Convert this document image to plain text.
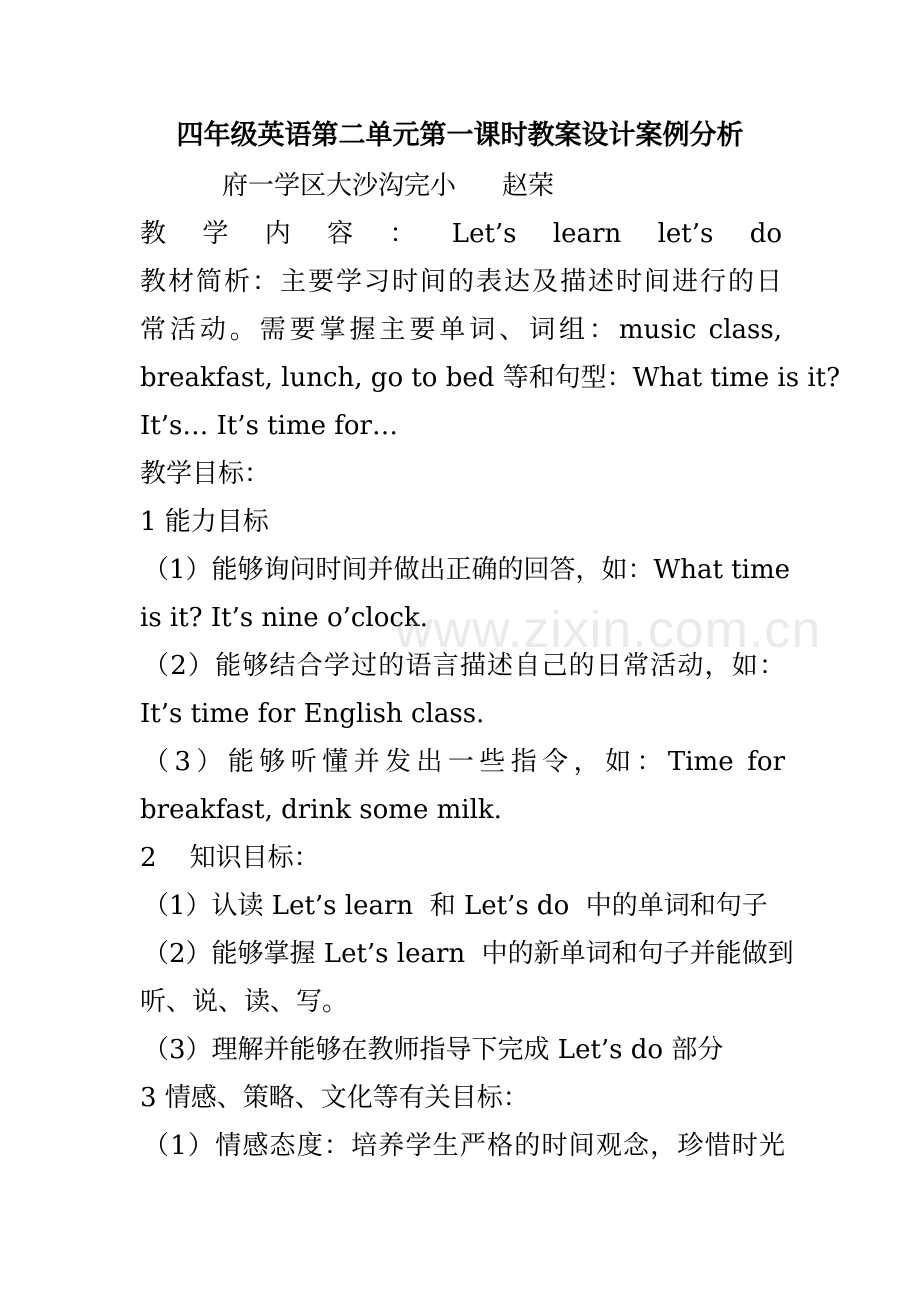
四年级英语第二单元第一课时教案设计案例分析
府一学区大沙沟完小 赵荣
教 学 内 容 ： Let’s learn let’s do
教材简析：主要学习时间的表达及描述时间进行的日
常活动。需要掌握主要单词、词组：music class,
breakfast, lunch, go to bed 等和句型：What time is it?
It’s… It’s time for…
教学目标：
1 能力目标
（1）能够询问时间并做出正确的回答，如：What time
is it? It’s nine o’clock.
（2）能够结合学过的语言描述自己的日常活动，如：
It’s time for English class.
（3）能够听懂并发出一些指令，如：Time for
breakfast, drink some milk.
2    知识目标：
（1）认读 Let’s learn  和 Let’s do  中的单词和句子
（2）能够掌握 Let’s learn  中的新单词和句子并能做到
听、说、读、写。
（3）理解并能够在教师指导下完成 Let’s do 部分
3 情感、策略、文化等有关目标：
（1）情感态度：培养学生严格的时间观念，珍惜时光
www.zixin.com.cn
